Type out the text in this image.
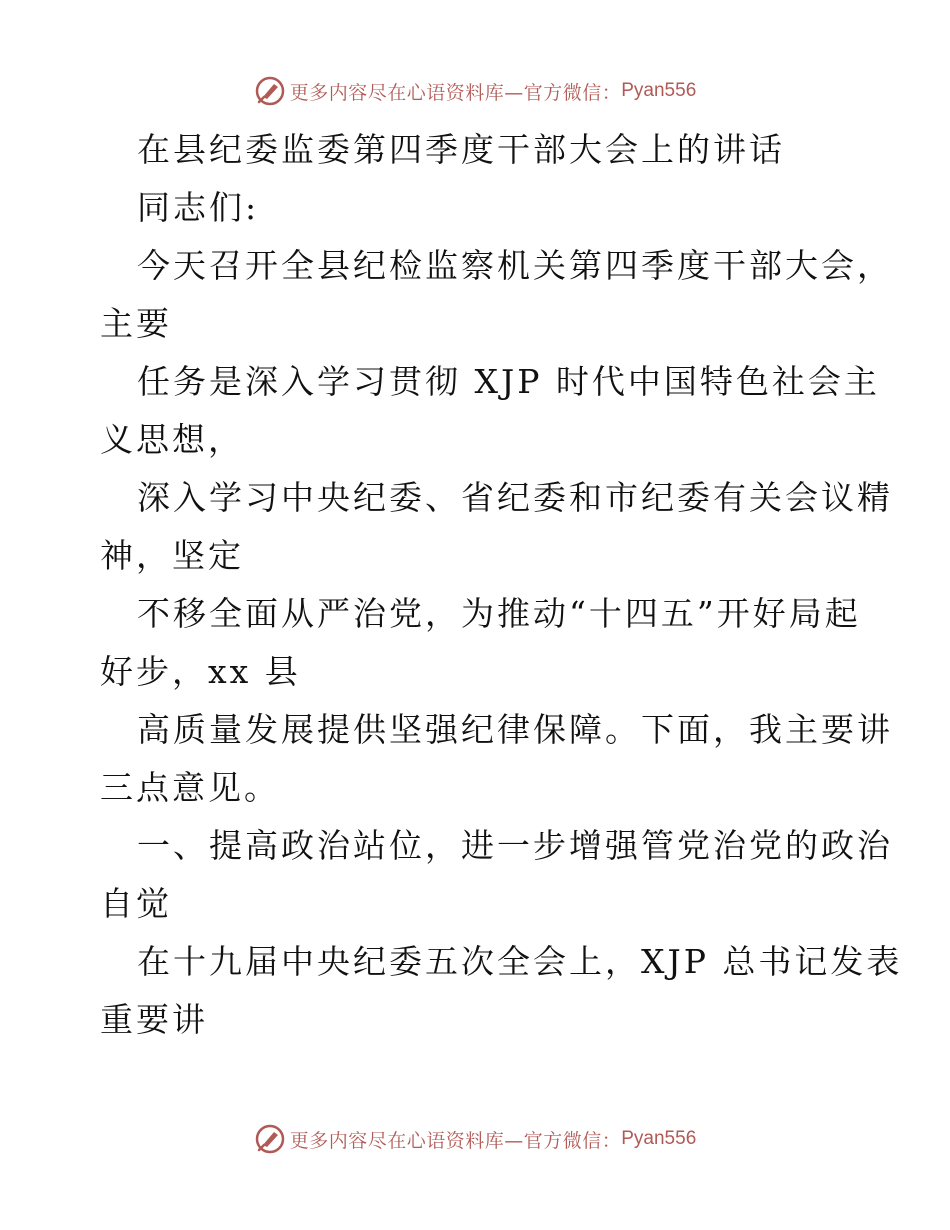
更多内容尽在心语资料库—官方微信： Pyan556
在县纪委监委第四季度干部大会上的讲话
同志们:
今天召开全县纪检监察机关第四季度干部大会，
主要
任务是深入学习贯彻 XJP 时代中国特色社会主
义思想，
深入学习中央纪委、省纪委和市纪委有关会议精
神，坚定
不移全面从严治党，为推动“十四五”开好局起
好步，xx 县
高质量发展提供坚强纪律保障。下面，我主要讲
三点意见。
一、提高政治站位，进一步增强管党治党的政治
自觉
在十九届中央纪委五次全会上，XJP 总书记发表
重要讲
更多内容尽在心语资料库—官方微信： Pyan556
